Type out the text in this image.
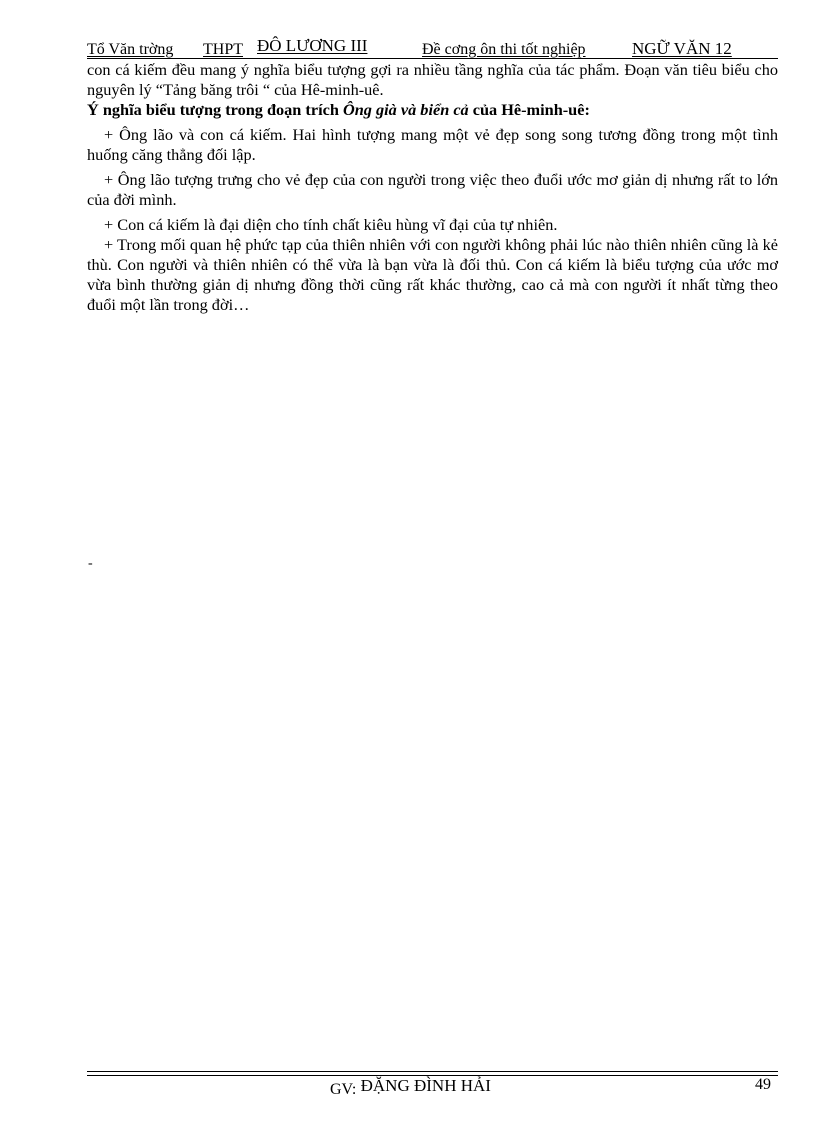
Tổ Văn trờng THPT ĐÔ LƯƠNG III	Đề cơng ôn thi tốt nghiệp	NGỮ VĂN 12

con cá kiếm đều mang ý nghĩa biểu tượng gợi ra nhiều tầng nghĩa của tác phẩm. Đoạn văn tiêu biểu cho nguyên lý “Tảng băng trôi “ của Hê-minh-uê.

Ý nghĩa biểu tượng trong đoạn trích Ông già và biển cả của Hê-minh-uê:

+ Ông lão và con cá kiếm. Hai hình tượng mang một vẻ đẹp song song tương đồng trong một tình huống căng thẳng đối lập.

+ Ông lão tượng trưng cho vẻ đẹp của con người trong việc theo đuổi ước mơ giản dị nhưng rất to lớn của đời mình.

+ Con cá kiếm là đại diện cho tính chất kiêu hùng vĩ đại của tự nhiên.

+ Trong mối quan hệ phức tạp của thiên nhiên với con người không phải lúc nào thiên nhiên cũng là kẻ thù. Con người và thiên nhiên có thể vừa là bạn vừa là đối thủ. Con cá kiếm là biểu tượng của ước mơ vừa bình thường giản dị nhưng đồng thời cũng rất khác thường, cao cả mà con người ít nhất từng theo đuổi một lần trong đời…

-
GV: ĐẶNG ĐÌNH HẢI	49
